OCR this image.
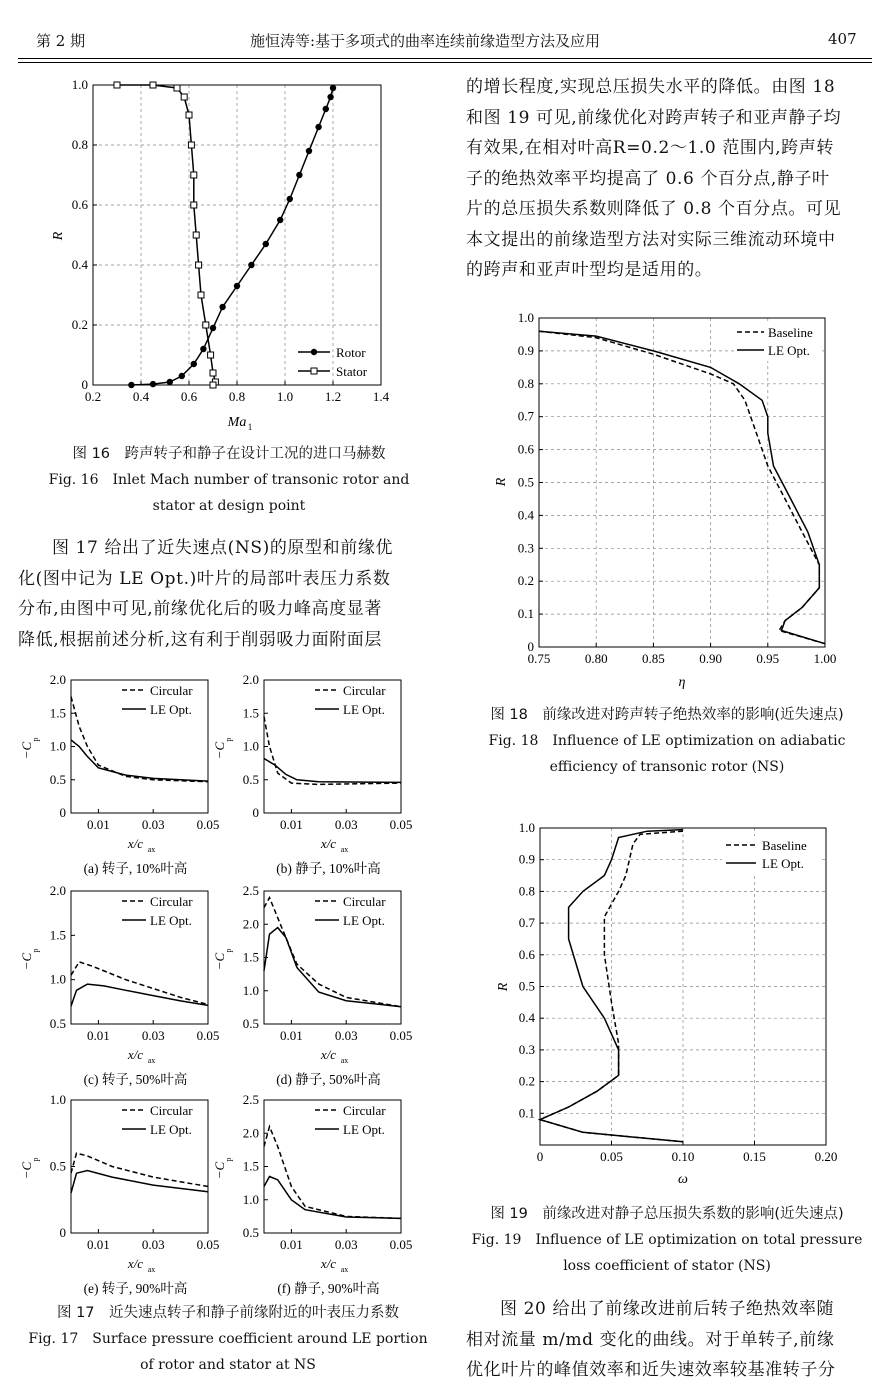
第 2 期	施恒涛等:基于多项式的曲率连续前缘造型方法及应用	407
0.2 0.4 0.6 0.8 1.0 1.2 1.4
0
0.2
0.4
0.6
0.8
1.0
R
Ma 1
Rotor
Stator
图 16　跨声转子和静子在设计工况的进口马赫数
Fig. 16　Inlet Mach number of transonic rotor and
stator at design point

图 17 给出了近失速点(NS)的原型和前缘优

化(图中记为 LE Opt.)叶片的局部叶表压力系数

分布,由图中可见,前缘优化后的吸力峰高度显著

降低,根据前述分析,这有利于削弱吸力面附面层

0.01 0.03 0.05
0
0.5
1.0
1.5
2.0
−C
p
x/c ax
(a) 转子, 10%叶高
Circular
LE Opt.
0.01 0.03 0.05
0
0.5
1.0
1.5
2.0
−C
p
x/c ax
(b) 静子, 10%叶高
Circular
LE Opt.
0.01 0.03 0.05
0.5
1.0
1.5
2.0
−C
p
x/c ax
(c) 转子, 50%叶高
Circular
LE Opt.
0.01 0.03 0.05
0.5
1.0
1.5
2.0
2.5
−C
p
x/c ax
(d) 静子, 50%叶高
Circular
LE Opt.
0.01 0.03 0.05
0
0.5
1.0
−C
p
x/c ax
(e) 转子, 90%叶高
Circular
LE Opt.
0.01 0.03 0.05
0.5
1.0
1.5
2.0
2.5
−C
p
x/c ax
(f) 静子, 90%叶高
Circular
LE Opt.
图 17　近失速点转子和静子前缘附近的叶表压力系数
Fig. 17　Surface pressure coefficient around LE portion
of rotor and stator at NS

的增长程度,实现总压损失水平的降低。由图 18

和图 19 可见,前缘优化对跨声转子和亚声静子均

有效果,在相对叶高R=0.2～1.0 范围内,跨声转

子的绝热效率平均提高了 0.6 个百分点,静子叶

片的总压损失系数则降低了 0.8 个百分点。可见

本文提出的前缘造型方法对实际三维流动环境中

的跨声和亚声叶型均是适用的。

0.75	0.80	0.85	0.90	0.95	1.00
0
0.1
0.2
0.3
0.4
0.5
0.6
0.7
0.8
0.9
1.0
R
η
Baseline
LE Opt.
图 18　前缘改进对跨声转子绝热效率的影响(近失速点)
Fig. 18　Influence of LE optimization on adiabatic
efficiency of transonic rotor (NS)
0	0.05	0.10	0.15	0.20
0.1
0.2
0.3
0.4
0.5
0.6
0.7
0.8
0.9
1.0
R
ω
Baseline
LE Opt.
图 19　前缘改进对静子总压损失系数的影响(近失速点)
Fig. 19　Influence of LE optimization on total pressure
loss coefficient of stator (NS)

图 20 给出了前缘改进前后转子绝热效率随

相对流量 m/md 变化的曲线。对于单转子,前缘

优化叶片的峰值效率和近失速效率较基准转子分
